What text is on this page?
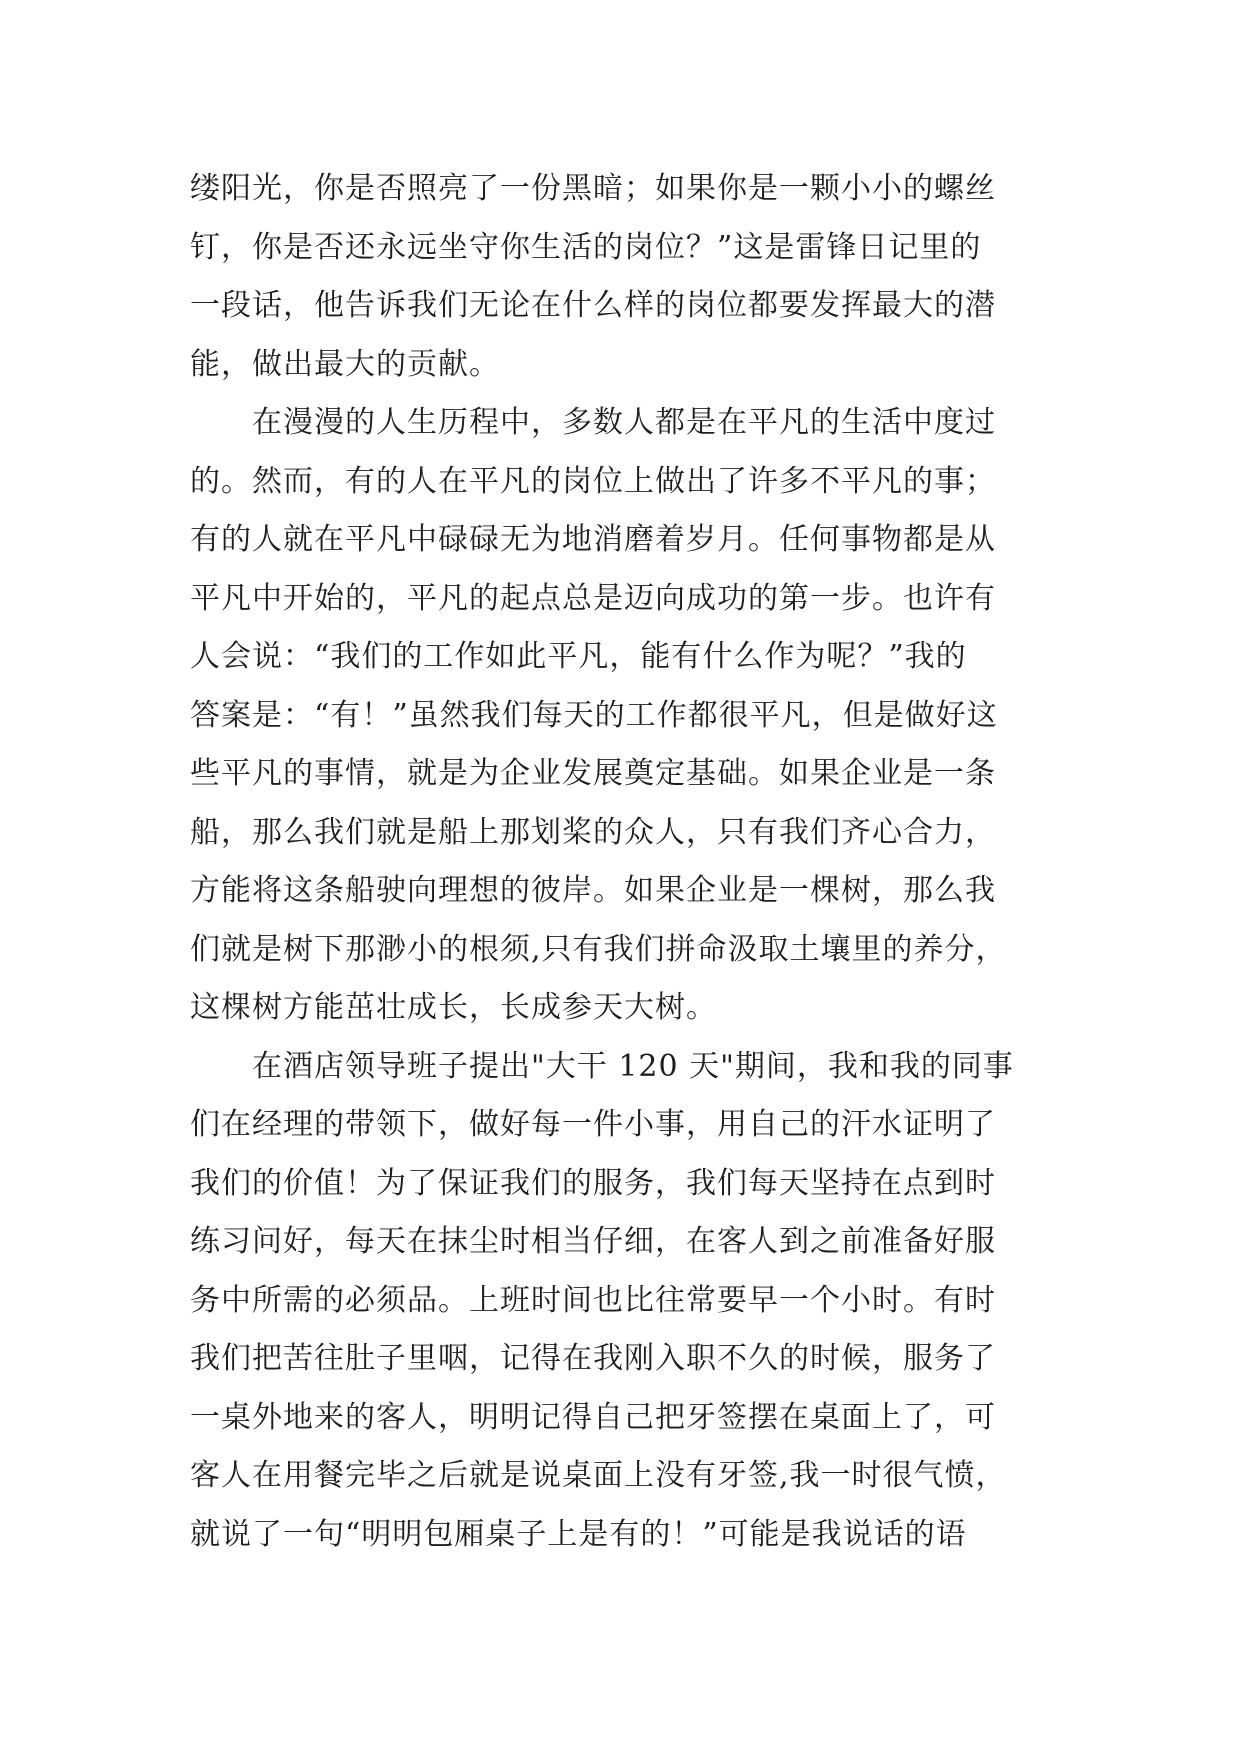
缕阳光，你是否照亮了一份黑暗；如果你是一颗小小的螺丝
钉，你是否还永远坐守你生活的岗位？”这是雷锋日记里的
一段话，他告诉我们无论在什么样的岗位都要发挥最大的潜
能，做出最大的贡献。
　　在漫漫的人生历程中，多数人都是在平凡的生活中度过
的。然而，有的人在平凡的岗位上做出了许多不平凡的事；
有的人就在平凡中碌碌无为地消磨着岁月。任何事物都是从
平凡中开始的，平凡的起点总是迈向成功的第一步。也许有
人会说：“我们的工作如此平凡，能有什么作为呢？”我的
答案是：“有！”虽然我们每天的工作都很平凡，但是做好这
些平凡的事情，就是为企业发展奠定基础。如果企业是一条
船，那么我们就是船上那划桨的众人，只有我们齐心合力，
方能将这条船驶向理想的彼岸。如果企业是一棵树，那么我
们就是树下那渺小的根须,只有我们拼命汲取土壤里的养分，
这棵树方能茁壮成长，长成参天大树。
　　在酒店领导班子提出"大干 120 天"期间，我和我的同事
们在经理的带领下，做好每一件小事，用自己的汗水证明了
我们的价值！为了保证我们的服务，我们每天坚持在点到时
练习问好，每天在抹尘时相当仔细，在客人到之前准备好服
务中所需的必须品。上班时间也比往常要早一个小时。有时
我们把苦往肚子里咽，记得在我刚入职不久的时候，服务了
一桌外地来的客人，明明记得自己把牙签摆在桌面上了，可
客人在用餐完毕之后就是说桌面上没有牙签,我一时很气愤，
就说了一句“明明包厢桌子上是有的！”可能是我说话的语
